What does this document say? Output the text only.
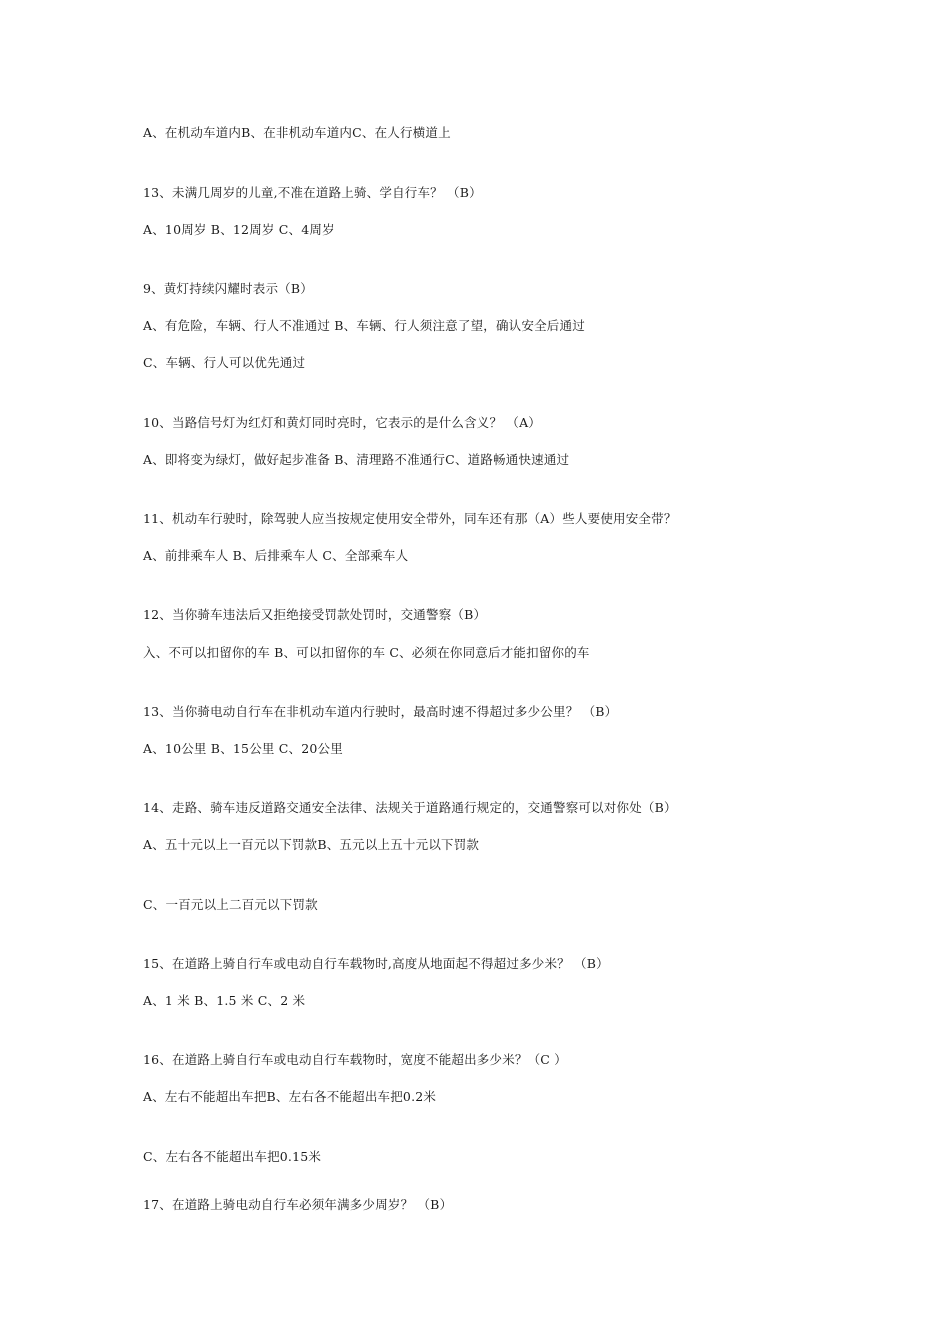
A、在机动车道内B、在非机动车道内C、在人行横道上
13、未满几周岁的儿童,不准在道路上骑、学自行车？ （B）
A、10周岁 B、12周岁 C、4周岁
9、黄灯持续闪耀时表示（B）
A、有危险，车辆、行人不准通过 B、车辆、行人须注意了望，确认安全后通过
C、车辆、行人可以优先通过
10、当路信号灯为红灯和黄灯同时亮时，它表示的是什么含义？ （A）
A、即将变为绿灯，做好起步准备 B、清理路不准通行C、道路畅通快速通过
11、机动车行驶时，除驾驶人应当按规定使用安全带外，同车还有那（A）些人要使用安全带？
A、前排乘车人 B、后排乘车人 C、全部乘车人
12、当你骑车违法后又拒绝接受罚款处罚时，交通警察（B）
入、不可以扣留你的车 B、可以扣留你的车 C、必须在你同意后才能扣留你的车
13、当你骑电动自行车在非机动车道内行驶时，最高时速不得超过多少公里？ （B）
A、10公里 B、15公里 C、20公里
14、走路、骑车违反道路交通安全法律、法规关于道路通行规定的，交通警察可以对你处（B）
A、五十元以上一百元以下罚款B、五元以上五十元以下罚款
C、一百元以上二百元以下罚款
15、在道路上骑自行车或电动自行车载物时,高度从地面起不得超过多少米？ （B）
A、1 米 B、1.5 米 C、2 米
16、在道路上骑自行车或电动自行车载物时，宽度不能超出多少米？（C ）
A、左右不能超出车把B、左右各不能超出车把0.2米
C、左右各不能超出车把0.15米
17、在道路上骑电动自行车必须年满多少周岁？ （B）
